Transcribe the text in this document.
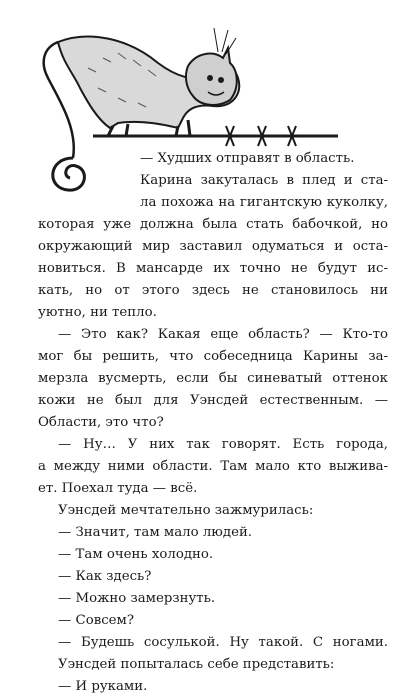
— Худших отправят в область.
Карина закуталась в плед и ста-
ла похожа на гигантскую куколку,
которая уже должна была стать бабочкой, но
окружающий мир заставил одуматься и оста-
новиться. В мансарде их точно не будут ис-
кать, но от этого здесь не становилось ни
уютно, ни тепло.
— Это как? Какая еще область? — Кто-то
мог бы решить, что собеседница Карины за-
мерзла вусмерть, если бы синеватый оттенок
кожи не был для Уэнсдей естественным. —
Области, это что?
— Ну… У них так говорят. Есть города,
а между ними области. Там мало кто выжива-
ет. Поехал туда — всё.
Уэнсдей мечтательно зажмурилась:
— Значит, там мало людей.
— Там очень холодно.
— Как здесь?
— Можно замерзнуть.
— Совсем?
— Будешь сосулькой. Ну такой. С ногами.
Уэнсдей попыталась себе представить:
— И руками.
